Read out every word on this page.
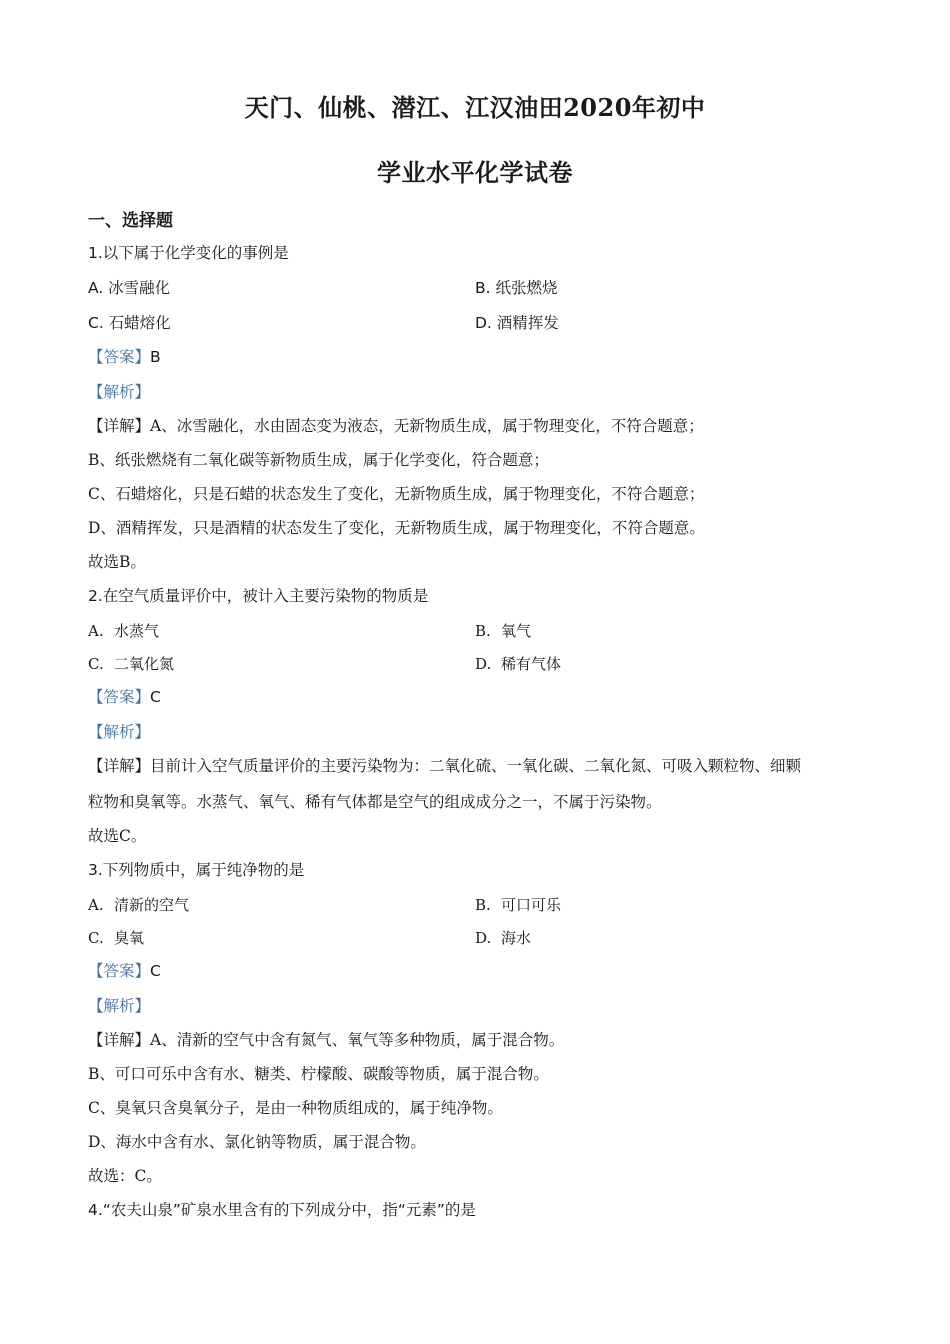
天门、仙桃、潜江、江汉油田2020年初中
学业水平化学试卷
一、选择题
1.以下属于化学变化的事例是
A. 冰雪融化	B. 纸张燃烧
C. 石蜡熔化	D. 酒精挥发
【答案】B
【解析】
【详解】A、冰雪融化，水由固态变为液态，无新物质生成，属于物理变化，不符合题意；
B、纸张燃烧有二氧化碳等新物质生成，属于化学变化，符合题意；
C、石蜡熔化，只是石蜡的状态发生了变化，无新物质生成，属于物理变化，不符合题意；
D、酒精挥发，只是酒精的状态发生了变化，无新物质生成，属于物理变化，不符合题意。
故选B。
2.在空气质量评价中，被计入主要污染物的物质是
A. 水蒸气	B. 氧气
C. 二氧化氮	D. 稀有气体
【答案】C
【解析】
【详解】目前计入空气质量评价的主要污染物为：二氧化硫、一氧化碳、二氧化氮、可吸入颗粒物、细颗
粒物和臭氧等。水蒸气、氧气、稀有气体都是空气的组成成分之一，不属于污染物。
故选C。
3.下列物质中，属于纯净物的是
A. 清新的空气	B. 可口可乐
C. 臭氧	D. 海水
【答案】C
【解析】
【详解】A、清新的空气中含有氮气、氧气等多种物质，属于混合物。
B、可口可乐中含有水、糖类、柠檬酸、碳酸等物质，属于混合物。
C、臭氧只含臭氧分子，是由一种物质组成的，属于纯净物。
D、海水中含有水、氯化钠等物质，属于混合物。
故选：C。
4.“农夫山泉”矿泉水里含有的下列成分中，指“元素”的是
